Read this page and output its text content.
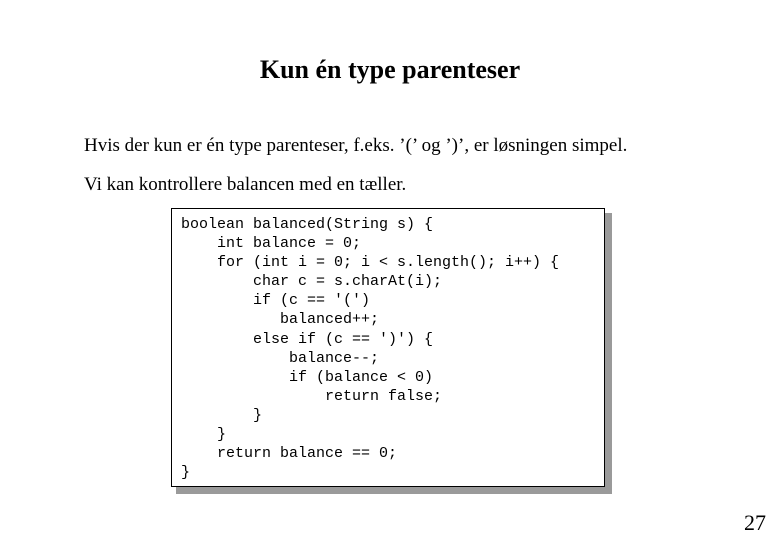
Kun én type parenteser
Hvis der kun er én type parenteser, f.eks. ’(’ og ’)’, er løsningen simpel.
Vi kan kontrollere balancen med en tæller.
boolean balanced(String s) {
int balance = 0;
for (int i = 0; i < s.length(); i++) {
char c = s.charAt(i);
if (c == '(')
balanced++;
else if (c == ')') {
balance--;
if (balance < 0)
return false;
}
}
return balance == 0;
}
27
